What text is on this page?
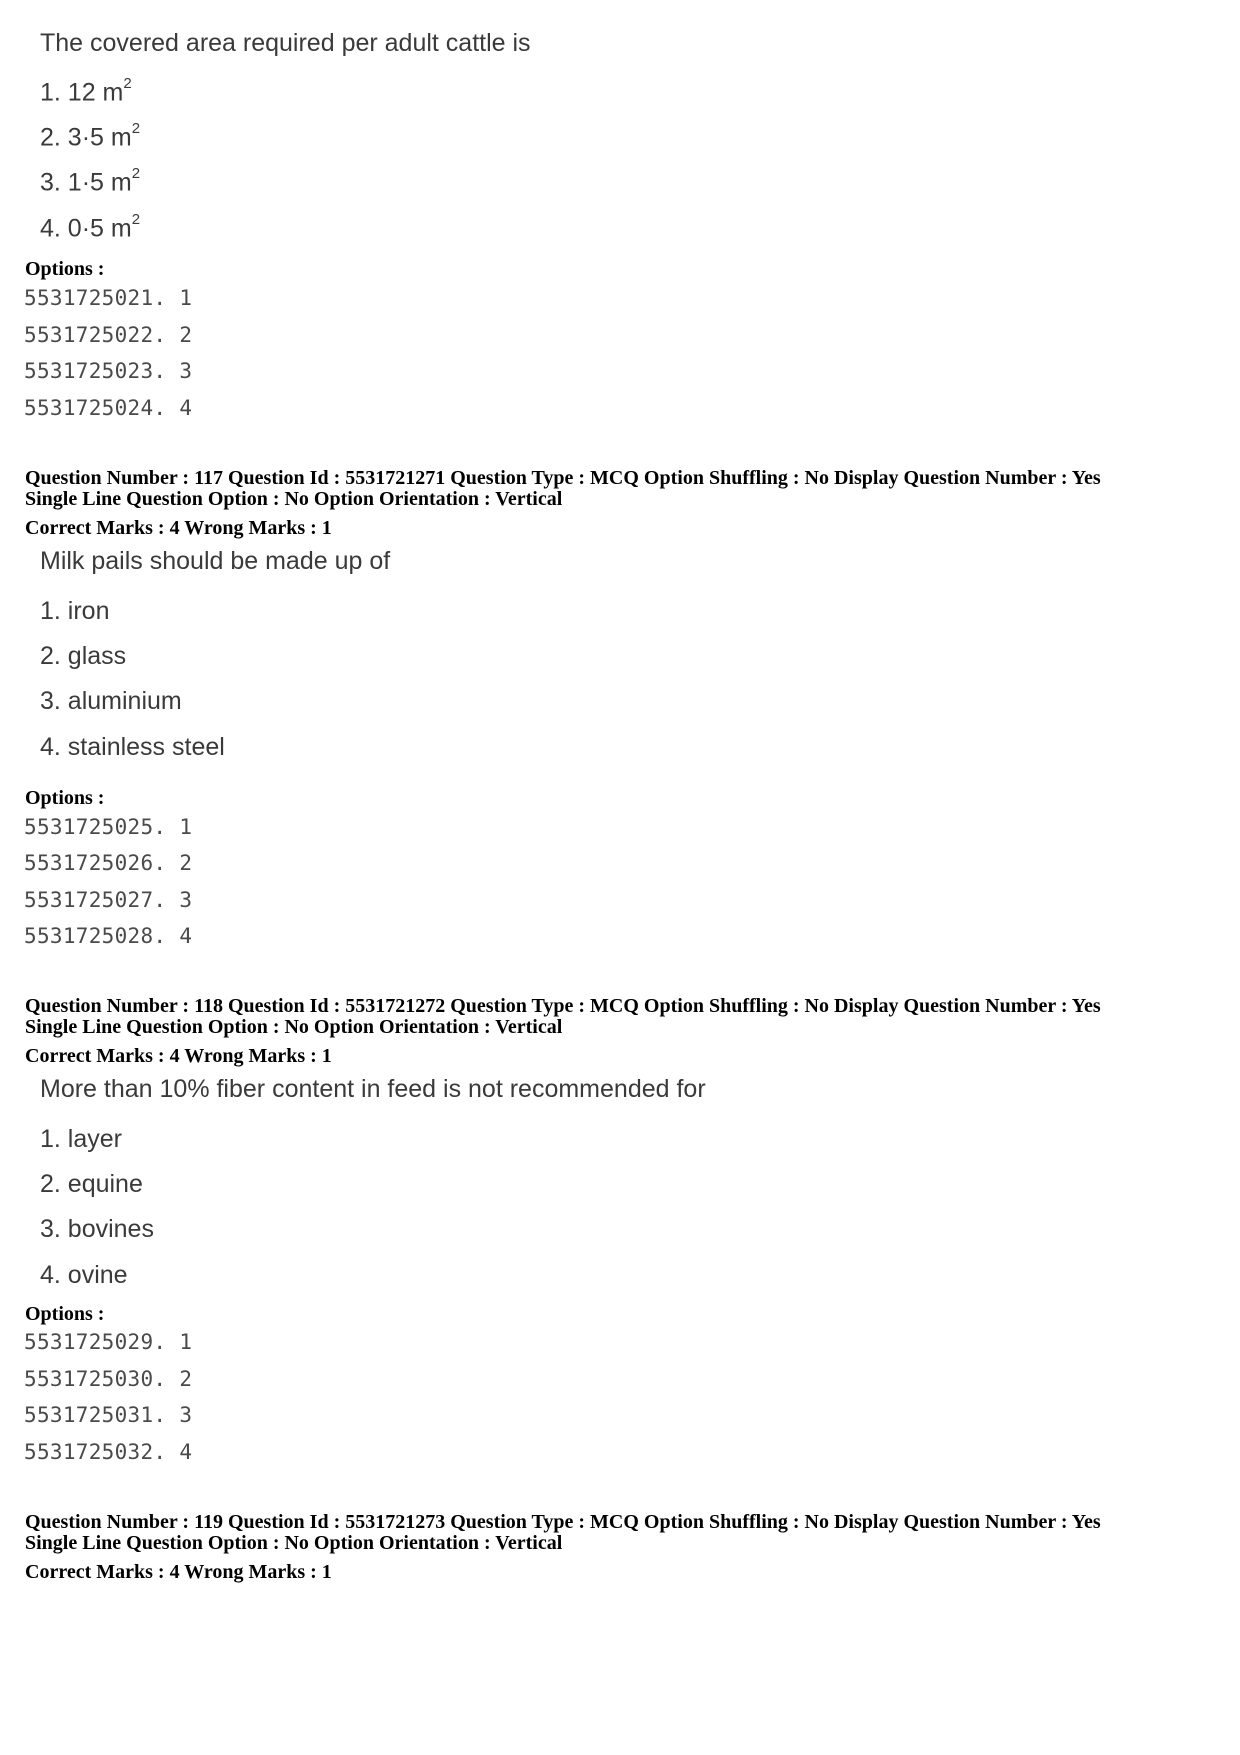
The covered area required per adult cattle is
1. 12 $m^2$
2. 3·5 $m^2$
3. 1·5 $m^2$
4. 0·5 $m^2$
Options :
5531725021. 1
5531725022. 2
5531725023. 3
5531725024. 4
Question Number : 117 Question Id : 5531721271 Question Type : MCQ Option Shuffling : No Display Question Number : Yes
Single Line Question Option : No Option Orientation : Vertical
Correct Marks : 4 Wrong Marks : 1
Milk pails should be made up of
1. iron
2. glass
3. aluminium
4. stainless steel
Options :
5531725025. 1
5531725026. 2
5531725027. 3
5531725028. 4
Question Number : 118 Question Id : 5531721272 Question Type : MCQ Option Shuffling : No Display Question Number : Yes
Single Line Question Option : No Option Orientation : Vertical
Correct Marks : 4 Wrong Marks : 1
More than 10% fiber content in feed is not recommended for
1. layer
2. equine
3. bovines
4. ovine
Options :
5531725029. 1
5531725030. 2
5531725031. 3
5531725032. 4
Question Number : 119 Question Id : 5531721273 Question Type : MCQ Option Shuffling : No Display Question Number : Yes
Single Line Question Option : No Option Orientation : Vertical
Correct Marks : 4 Wrong Marks : 1
